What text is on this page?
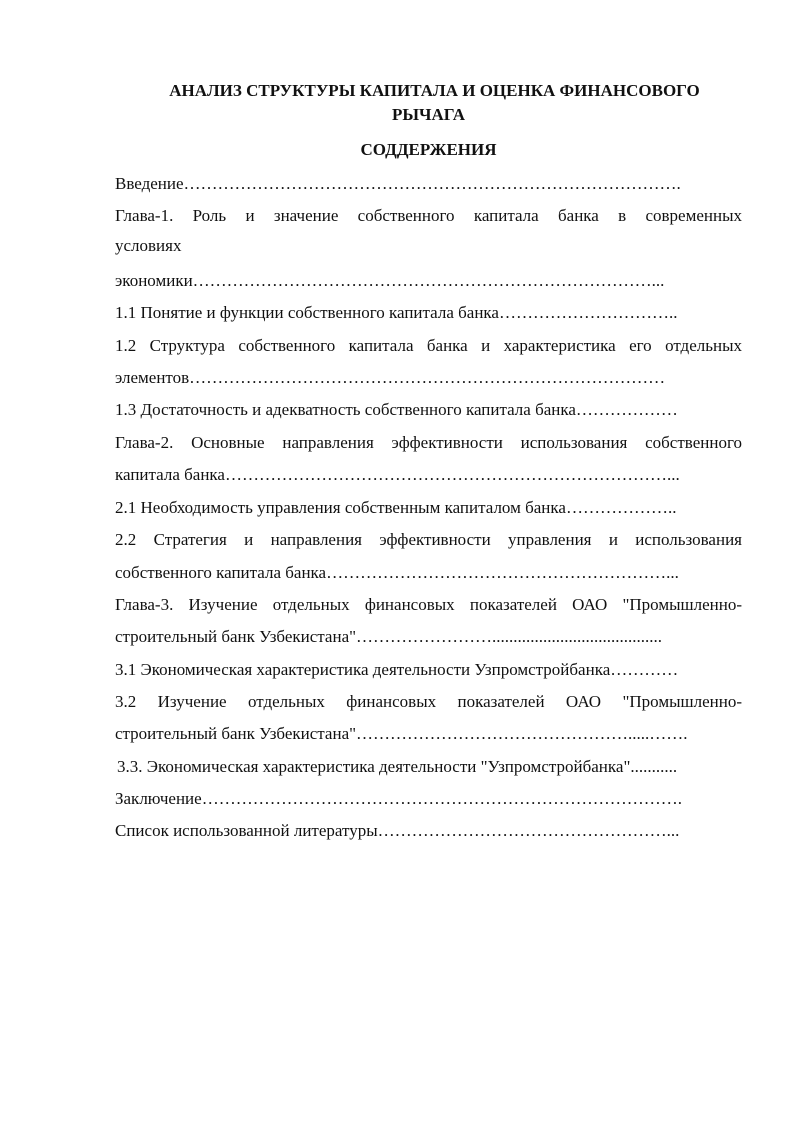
АНАЛИЗ СТРУКТУРЫ КАПИТАЛА И ОЦЕНКА ФИНАНСОВОГО
РЫЧАГА
СОДДЕРЖЕНИЯ
Введение…………………………………………………………………………….
Глава-1. Роль и значение собственного капитала банка в современных
условиях
экономики………………………………………………………………………...
1.1 Понятие и функции собственного капитала банка…………………………..
1.2 Структура собственного капитала банка и характеристика его отдельных
элементов…………………………………………………………………………
1.3 Достаточность и адекватность собственного капитала банка………………
Глава-2. Основные направления эффективности использования собственного
капитала банка……………………………………………………………………...
2.1 Необходимость управления собственным капиталом банка………………..
2.2 Стратегия и направления эффективности управления и использования
собственного капитала банка……………………………………………………...
Глава-3. Изучение отдельных финансовых показателей ОАО "Промышленно-
строительный банк Узбекистана"……………………........................................
3.1 Экономическая характеристика деятельности Узпромстройбанка…………
3.2 Изучение отдельных финансовых показателей ОАО "Промышленно-
строительный банк Узбекистана"………………………………………….....…….
3.3. Экономическая характеристика деятельности "Узпромстройбанка"...........
Заключение………………………………………………………………………….
Список использованной литературы……………………………………………...
